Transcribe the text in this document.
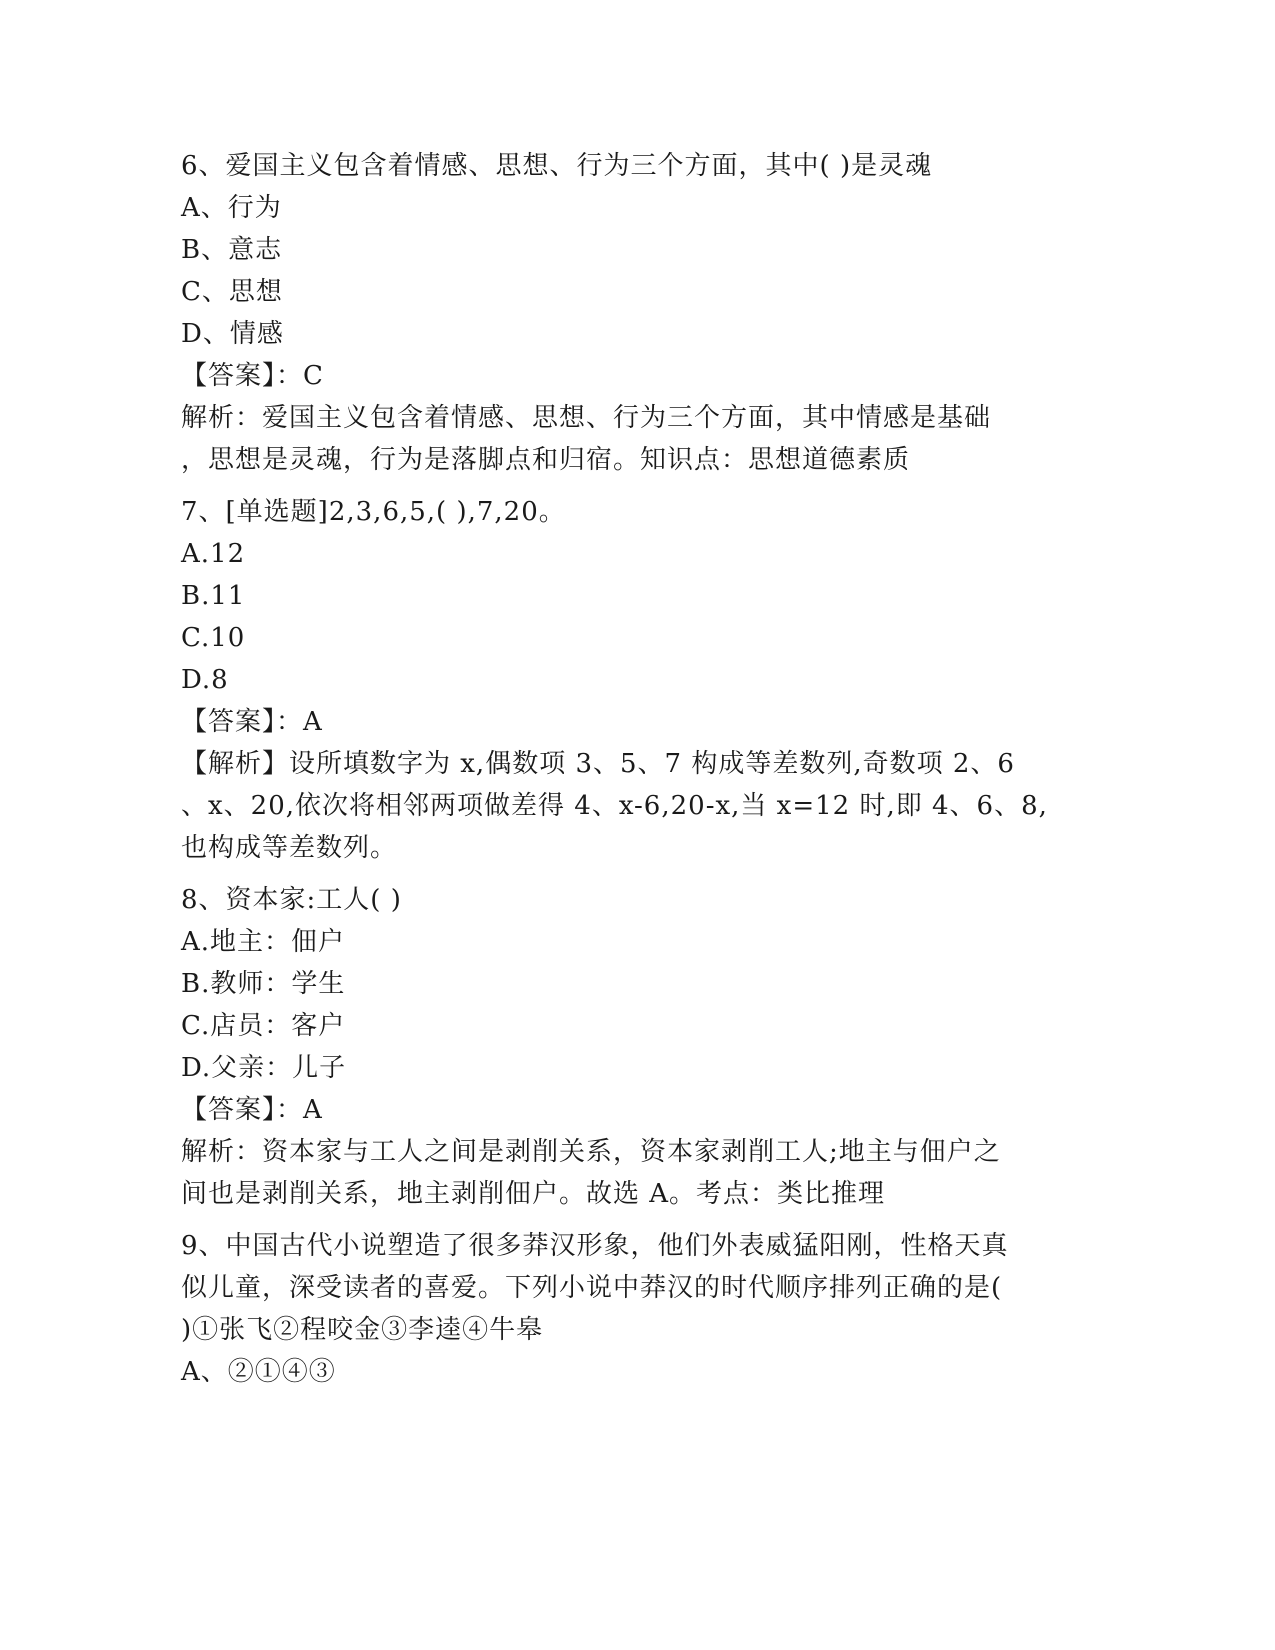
6、爱国主义包含着情感、思想、行为三个方面，其中( )是灵魂
A、行为
B、意志
C、思想
D、情感
【答案】：C
解析：爱国主义包含着情感、思想、行为三个方面，其中情感是基础
，思想是灵魂，行为是落脚点和归宿。知识点：思想道德素质
7、[单选题]2,3,6,5,( ),7,20。
A.12
B.11
C.10
D.8
【答案】：A
【解析】设所填数字为 x,偶数项 3、5、7 构成等差数列,奇数项 2、6
、x、20,依次将相邻两项做差得 4、x-6,20-x,当 x=12 时,即 4、6、8,
也构成等差数列。
8、资本家:工人( )
A.地主：佃户
B.教师：学生
C.店员：客户
D.父亲：儿子
【答案】：A
解析：资本家与工人之间是剥削关系，资本家剥削工人;地主与佃户之
间也是剥削关系，地主剥削佃户。故选 A。考点：类比推理
9、中国古代小说塑造了很多莽汉形象，他们外表威猛阳刚，性格天真
似儿童，深受读者的喜爱。下列小说中莽汉的时代顺序排列正确的是(
)①张飞②程咬金③李逵④牛皋
A、②①④③
